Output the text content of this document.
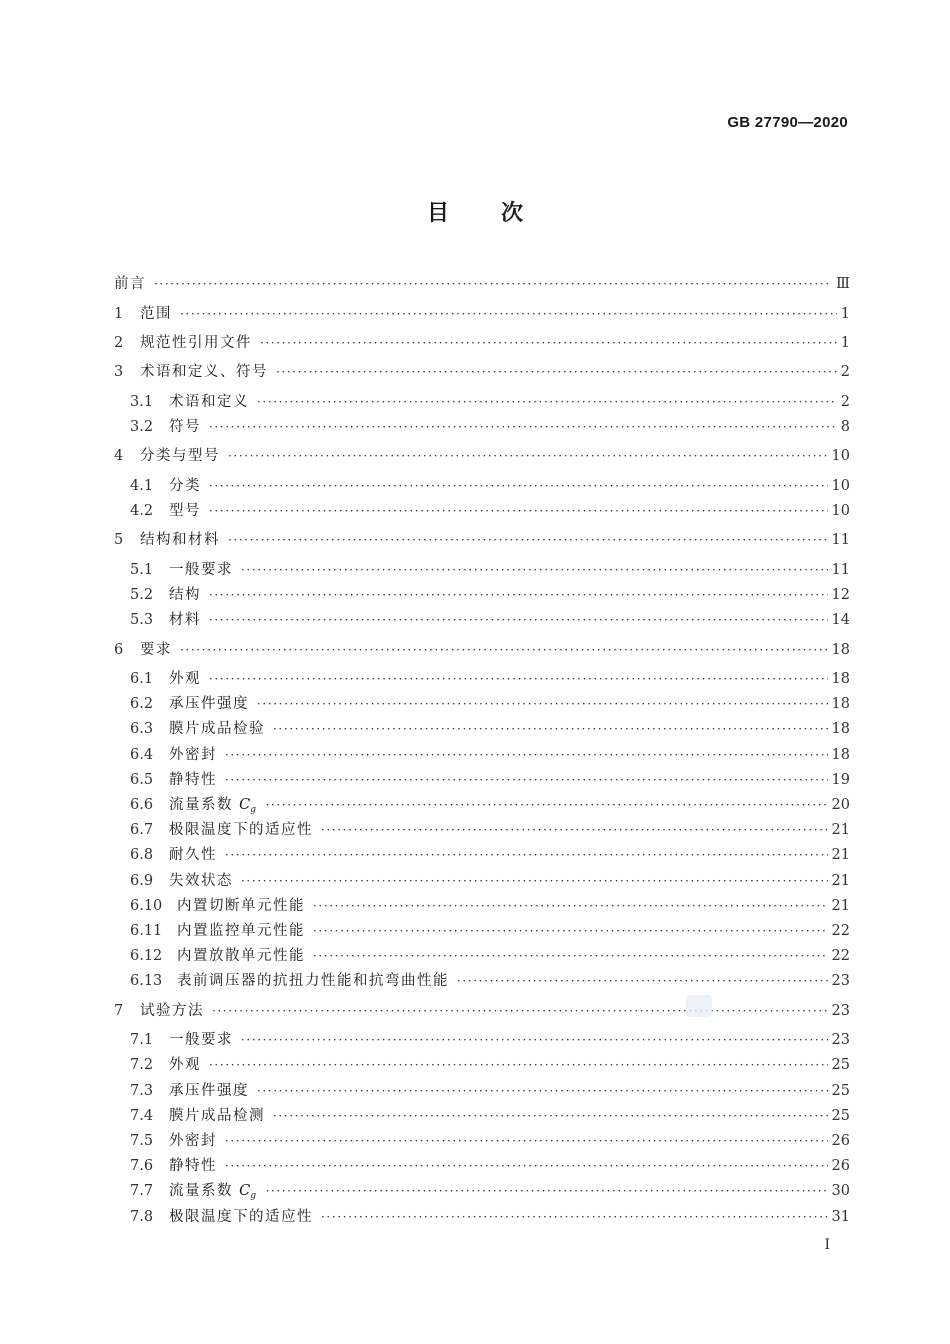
GB 27790—2020
目 次
前言 ·····	Ⅲ
1	范围 ·····	1
2	规范性引用文件 ·····	1
3	术语和定义、符号 ·····	2
3.1	术语和定义 ·····	2
3.2	符号 ·····	8
4	分类与型号 ·····	10
4.1	分类 ·····	10
4.2	型号 ·····	10
5	结构和材料 ·····	11
5.1	一般要求 ·····	11
5.2	结构 ·····	12
5.3	材料 ·····	14
6	要求 ·····	18
6.1	外观 ·····	18
6.2	承压件强度 ·····	18
6.3	膜片成品检验 ·····	18
6.4	外密封 ·····	18
6.5	静特性 ·····	19
6.6	流量系数 $C_g$ ·····	20
6.7	极限温度下的适应性 ·····	21
6.8	耐久性 ·····	21
6.9	失效状态 ·····	21
6.10	内置切断单元性能 ·····	21
6.11	内置监控单元性能 ·····	22
6.12	内置放散单元性能 ·····	22
6.13	表前调压器的抗扭力性能和抗弯曲性能 ·····	23
7	试验方法 ·····	23
7.1	一般要求 ·····	23
7.2	外观 ·····	25
7.3	承压件强度 ·····	25
7.4	膜片成品检测 ·····	25
7.5	外密封 ·····	26
7.6	静特性 ·····	26
7.7	流量系数 $C_g$ ·····	30
7.8	极限温度下的适应性 ·····	31
I
